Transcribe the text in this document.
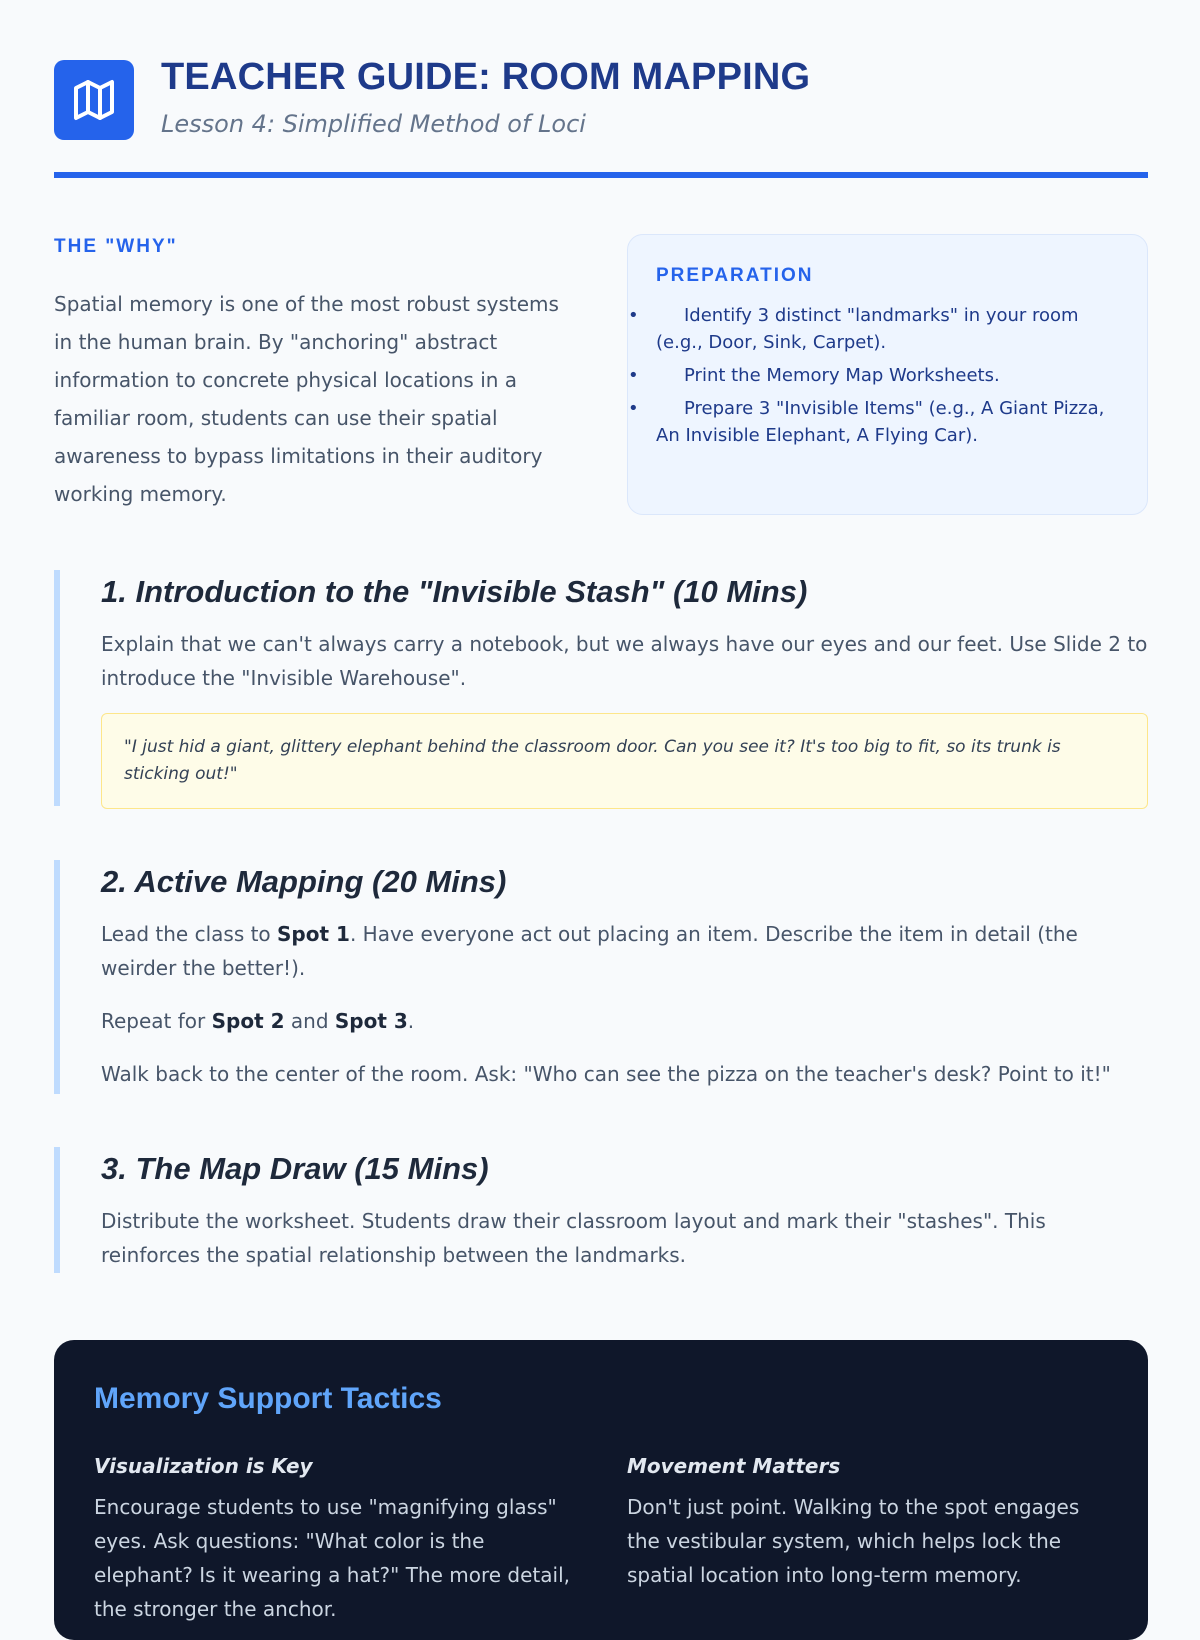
TEACHER GUIDE: ROOM MAPPING
Lesson 4: Simplified Method of Loci
THE "WHY"

Spatial memory is one of the most robust systems in the human brain. By "anchoring" abstract information to concrete physical locations in a familiar room, students can use their spatial awareness to bypass limitations in their auditory working memory.

PREPARATION
• Identify 3 distinct "landmarks" in your room (e.g., Door, Sink, Carpet).
• Print the Memory Map Worksheets.
• Prepare 3 "Invisible Items" (e.g., A Giant Pizza, An Invisible Elephant, A Flying Car).
1. Introduction to the "Invisible Stash" (10 Mins)

Explain that we can't always carry a notebook, but we always have our eyes and our feet. Use Slide 2 to introduce the "Invisible Warehouse".

"I just hid a giant, glittery elephant behind the classroom door. Can you see it? It's too big to fit, so its trunk is sticking out!"
2. Active Mapping (20 Mins)

Lead the class to Spot 1. Have everyone act out placing an item. Describe the item in detail (the weirder the better!).

Repeat for Spot 2 and Spot 3.

Walk back to the center of the room. Ask: "Who can see the pizza on the teacher's desk? Point to it!"

3. The Map Draw (15 Mins)

Distribute the worksheet. Students draw their classroom layout and mark their "stashes". This reinforces the spatial relationship between the landmarks.

Memory Support Tactics
Visualization is Key

Encourage students to use "magnifying glass" eyes. Ask questions: "What color is the elephant? Is it wearing a hat?" The more detail, the stronger the anchor.

Movement Matters

Don't just point. Walking to the spot engages the vestibular system, which helps lock the spatial location into long-term memory.
